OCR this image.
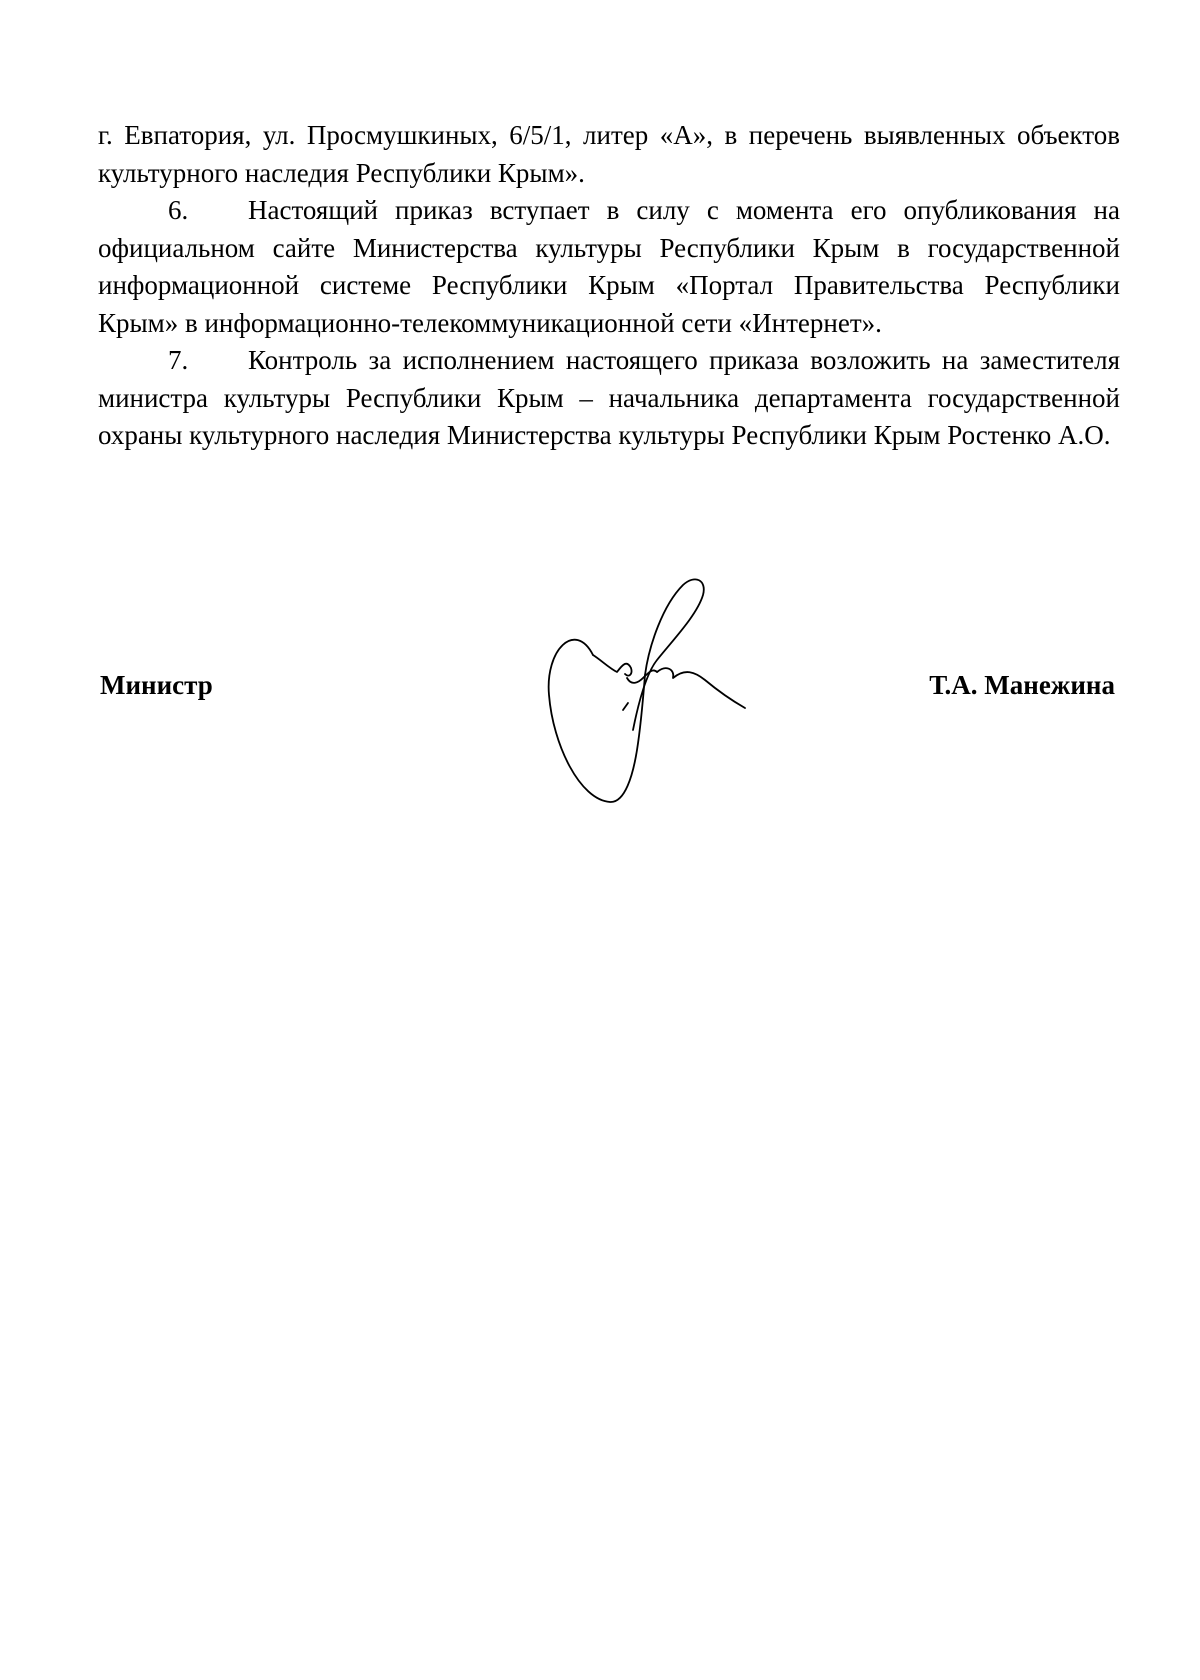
г. Евпатория, ул. Просмушкиных, 6/5/1, литер «А», в перечень выявленных объектов культурного наследия Республики Крым».

6. Настоящий приказ вступает в силу с момента его опубликования на официальном сайте Министерства культуры Республики Крым в государственной информационной системе Республики Крым «Портал Правительства Республики Крым» в информационно-телекоммуникационной сети «Интернет».

7. Контроль за исполнением настоящего приказа возложить на заместителя министра культуры Республики Крым – начальника департамента государственной охраны культурного наследия Министерства культуры Республики Крым Ростенко А.О.

Министр	Т.А. Манежина
